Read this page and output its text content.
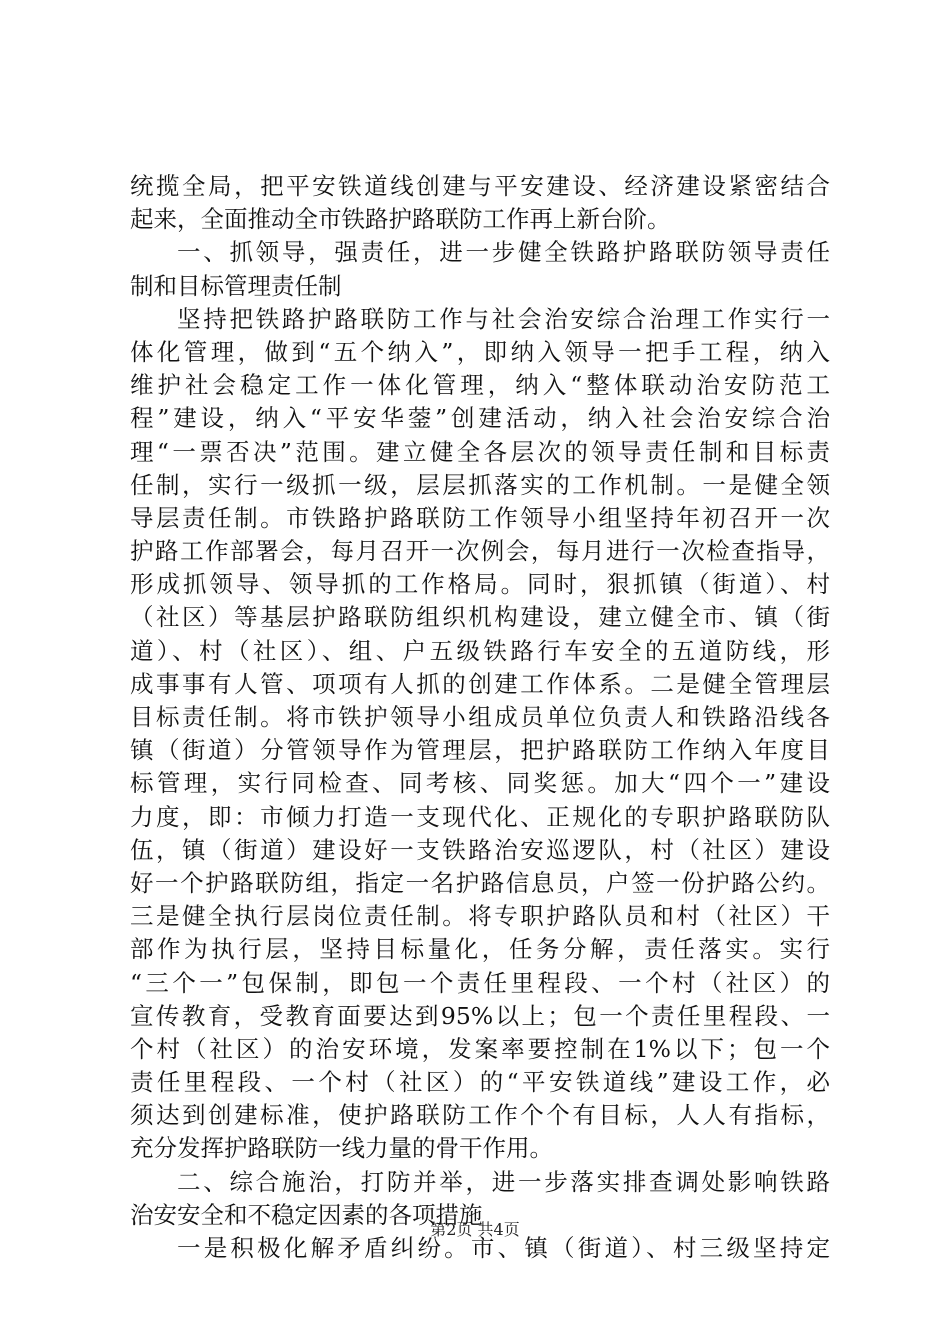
统揽全局，把平安铁道线创建与平安建设、经济建设紧密结合
起来，全面推动全市铁路护路联防工作再上新台阶。
一、抓领导，强责任，进一步健全铁路护路联防领导责任
制和目标管理责任制
坚持把铁路护路联防工作与社会治安综合治理工作实行一
体化管理，做到“五个纳入”，即纳入领导一把手工程，纳入
维护社会稳定工作一体化管理，纳入“整体联动治安防范工
程”建设，纳入“平安华蓥”创建活动，纳入社会治安综合治
理“一票否决”范围。建立健全各层次的领导责任制和目标责
任制，实行一级抓一级，层层抓落实的工作机制。一是健全领
导层责任制。市铁路护路联防工作领导小组坚持年初召开一次
护路工作部署会，每月召开一次例会，每月进行一次检查指导，
形成抓领导、领导抓的工作格局。同时，狠抓镇（街道）、村
（社区）等基层护路联防组织机构建设，建立健全市、镇（街
道）、村（社区）、组、户五级铁路行车安全的五道防线，形
成事事有人管、项项有人抓的创建工作体系。二是健全管理层
目标责任制。将市铁护领导小组成员单位负责人和铁路沿线各
镇（街道）分管领导作为管理层，把护路联防工作纳入年度目
标管理，实行同检查、同考核、同奖惩。加大“四个一”建设
力度，即：市倾力打造一支现代化、正规化的专职护路联防队
伍，镇（街道）建设好一支铁路治安巡逻队，村（社区）建设
好一个护路联防组，指定一名护路信息员，户签一份护路公约。
三是健全执行层岗位责任制。将专职护路队员和村（社区）干
部作为执行层，坚持目标量化，任务分解，责任落实。实行
“三个一”包保制，即包一个责任里程段、一个村（社区）的
宣传教育，受教育面要达到95%以上；包一个责任里程段、一
个村（社区）的治安环境，发案率要控制在1%以下；包一个
责任里程段、一个村（社区）的“平安铁道线”建设工作，必
须达到创建标准，使护路联防工作个个有目标，人人有指标，
充分发挥护路联防一线力量的骨干作用。
二、综合施治，打防并举，进一步落实排查调处影响铁路
治安安全和不稳定因素的各项措施
一是积极化解矛盾纠纷。市、镇（街道）、村三级坚持定
第2页 共4页
